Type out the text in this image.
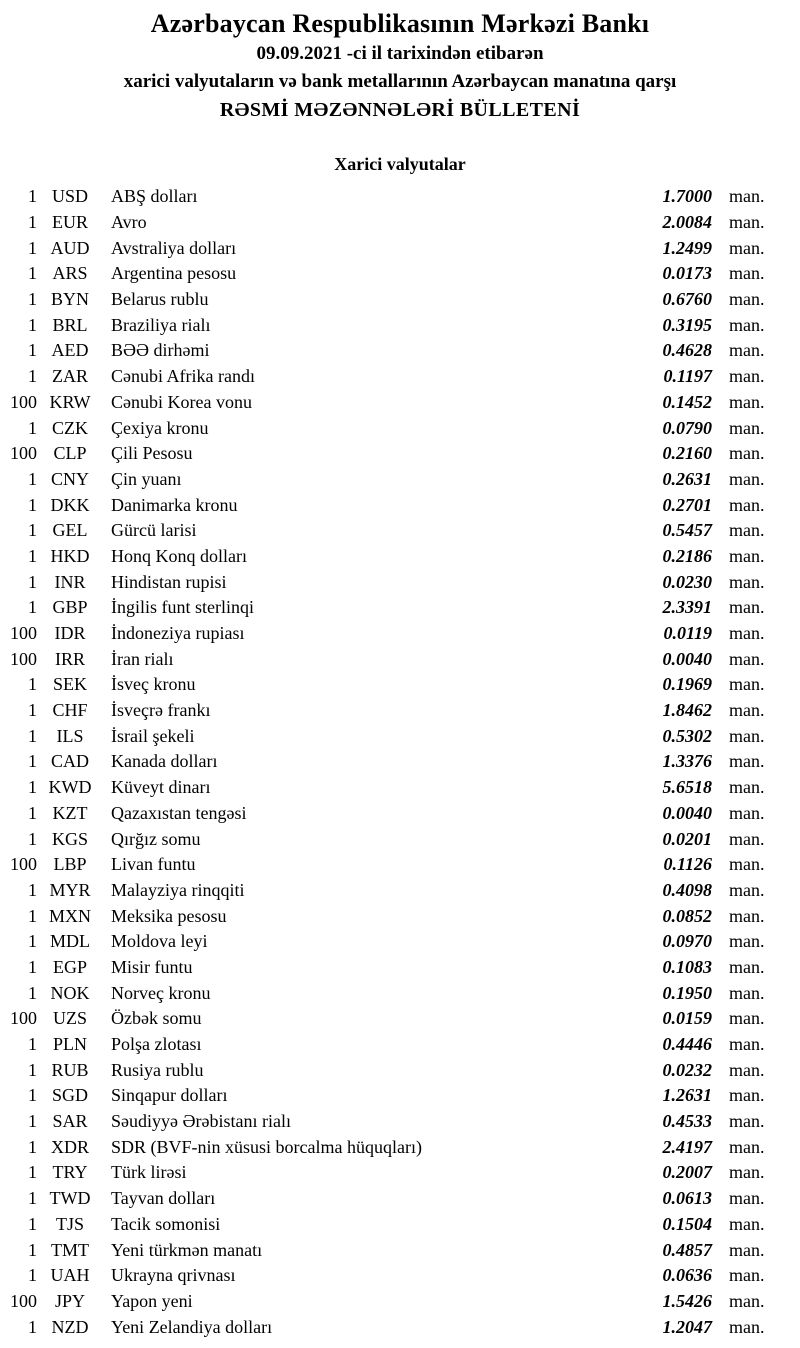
Azərbaycan Respublikasının Mərkəzi Bankı
09.09.2021 -ci il tarixindən etibarən
xarici valyutaların və bank metallarının Azərbaycan manatına qarşı
RƏSMİ MƏZƏNNƏLƏRİ BÜLLETENİ
Xarici valyutalar
1 USD	ABŞ dolları	1.7000 man.
1 EUR	Avro	2.0084 man.
1 AUD	Avstraliya dolları	1.2499 man.
1 ARS	Argentina pesosu	0.0173 man.
1 BYN	Belarus rublu	0.6760 man.
1 BRL	Braziliya rialı	0.3195 man.
1 AED	BƏƏ dirhəmi	0.4628 man.
1 ZAR	Cənubi Afrika randı	0.1197 man.
100 KRW	Cənubi Korea vonu	0.1452 man.
1 CZK	Çexiya kronu	0.0790 man.
100 CLP	Çili Pesosu	0.2160 man.
1 CNY	Çin yuanı	0.2631 man.
1 DKK	Danimarka kronu	0.2701 man.
1 GEL	Gürcü larisi	0.5457 man.
1 HKD	Honq Konq dolları	0.2186 man.
1 INR	Hindistan rupisi	0.0230 man.
1 GBP	İngilis funt sterlinqi	2.3391 man.
100 IDR	İndoneziya rupiası	0.0119 man.
100 IRR	İran rialı	0.0040 man.
1 SEK	İsveç kronu	0.1969 man.
1 CHF	İsveçrə frankı	1.8462 man.
1	ILS	İsrail şekeli	0.5302 man.
1 CAD	Kanada dolları	1.3376 man.
1 KWD	Küveyt dinarı	5.6518 man.
1 KZT	Qazaxıstan tengəsi	0.0040 man.
1 KGS	Qırğız somu	0.0201 man.
100 LBP	Livan funtu	0.1126 man.
1 MYR	Malayziya rinqqiti	0.4098 man.
1 MXN	Meksika pesosu	0.0852 man.
1 MDL	Moldova leyi	0.0970 man.
1 EGP	Misir funtu	0.1083 man.
1 NOK	Norveç kronu	0.1950 man.
100 UZS	Özbək somu	0.0159 man.
1 PLN	Polşa zlotası	0.4446 man.
1 RUB	Rusiya rublu	0.0232 man.
1 SGD	Sinqapur dolları	1.2631 man.
1 SAR	Səudiyyə Ərəbistanı rialı	0.4533 man.
1 XDR	SDR (BVF-nin xüsusi borcalma hüquqları)	2.4197 man.
1 TRY	Türk lirəsi	0.2007 man.
1 TWD	Tayvan dolları	0.0613 man.
1	TJS	Tacik somonisi	0.1504 man.
1 TMT	Yeni türkmən manatı	0.4857 man.
1 UAH	Ukrayna qrivnası	0.0636 man.
100 JPY	Yapon yeni	1.5426 man.
1 NZD	Yeni Zelandiya dolları	1.2047 man.
